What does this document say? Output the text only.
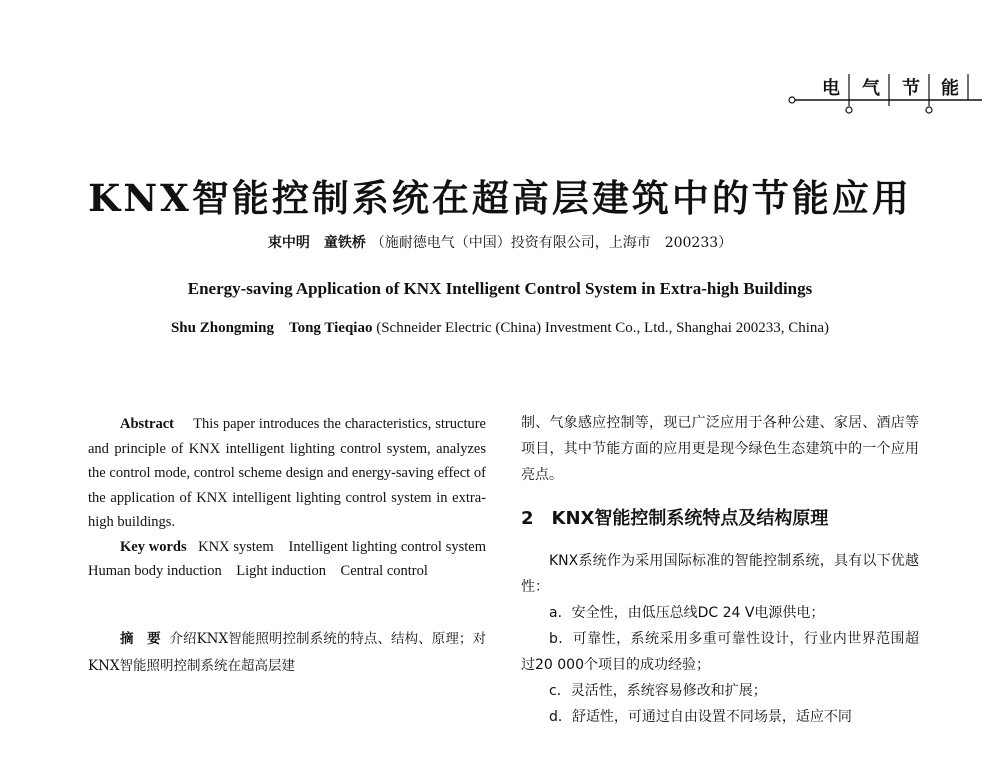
电	气	节	能
KNX智能控制系统在超高层建筑中的节能应用
束中明　童铁桥 （施耐德电气（中国）投资有限公司，上海市　200233）
Energy-saving Application of KNX Intelligent Control System in Extra-high Buildings
Shu Zhongming　Tong Tieqiao (Schneider Electric (China) Investment Co., Ltd., Shanghai 200233, China)

Abstract This paper introduces the characteristics, structure and principle of KNX intelligent lighting control system, analyzes the control mode, control scheme design and energy-saving effect of the application of KNX intelligent lighting control system in extra-high buildings.

Key words KNX system　Intelligent lighting control system　Human body induction　Light induction　Central control

摘　要 介绍KNX智能照明控制系统的特点、结构、原理；对KNX智能照明控制系统在超高层建

制、气象感应控制等，现已广泛应用于各种公建、家居、酒店等项目，其中节能方面的应用更是现今绿色生态建筑中的一个应用亮点。

2　KNX智能控制系统特点及结构原理

KNX系统作为采用国际标准的智能控制系统，具有以下优越性：

a．安全性，由低压总线DC 24 V电源供电；

b．可靠性，系统采用多重可靠性设计，行业内世界范围超过20 000个项目的成功经验；

c．灵活性，系统容易修改和扩展；

d．舒适性，可通过自由设置不同场景，适应不同
